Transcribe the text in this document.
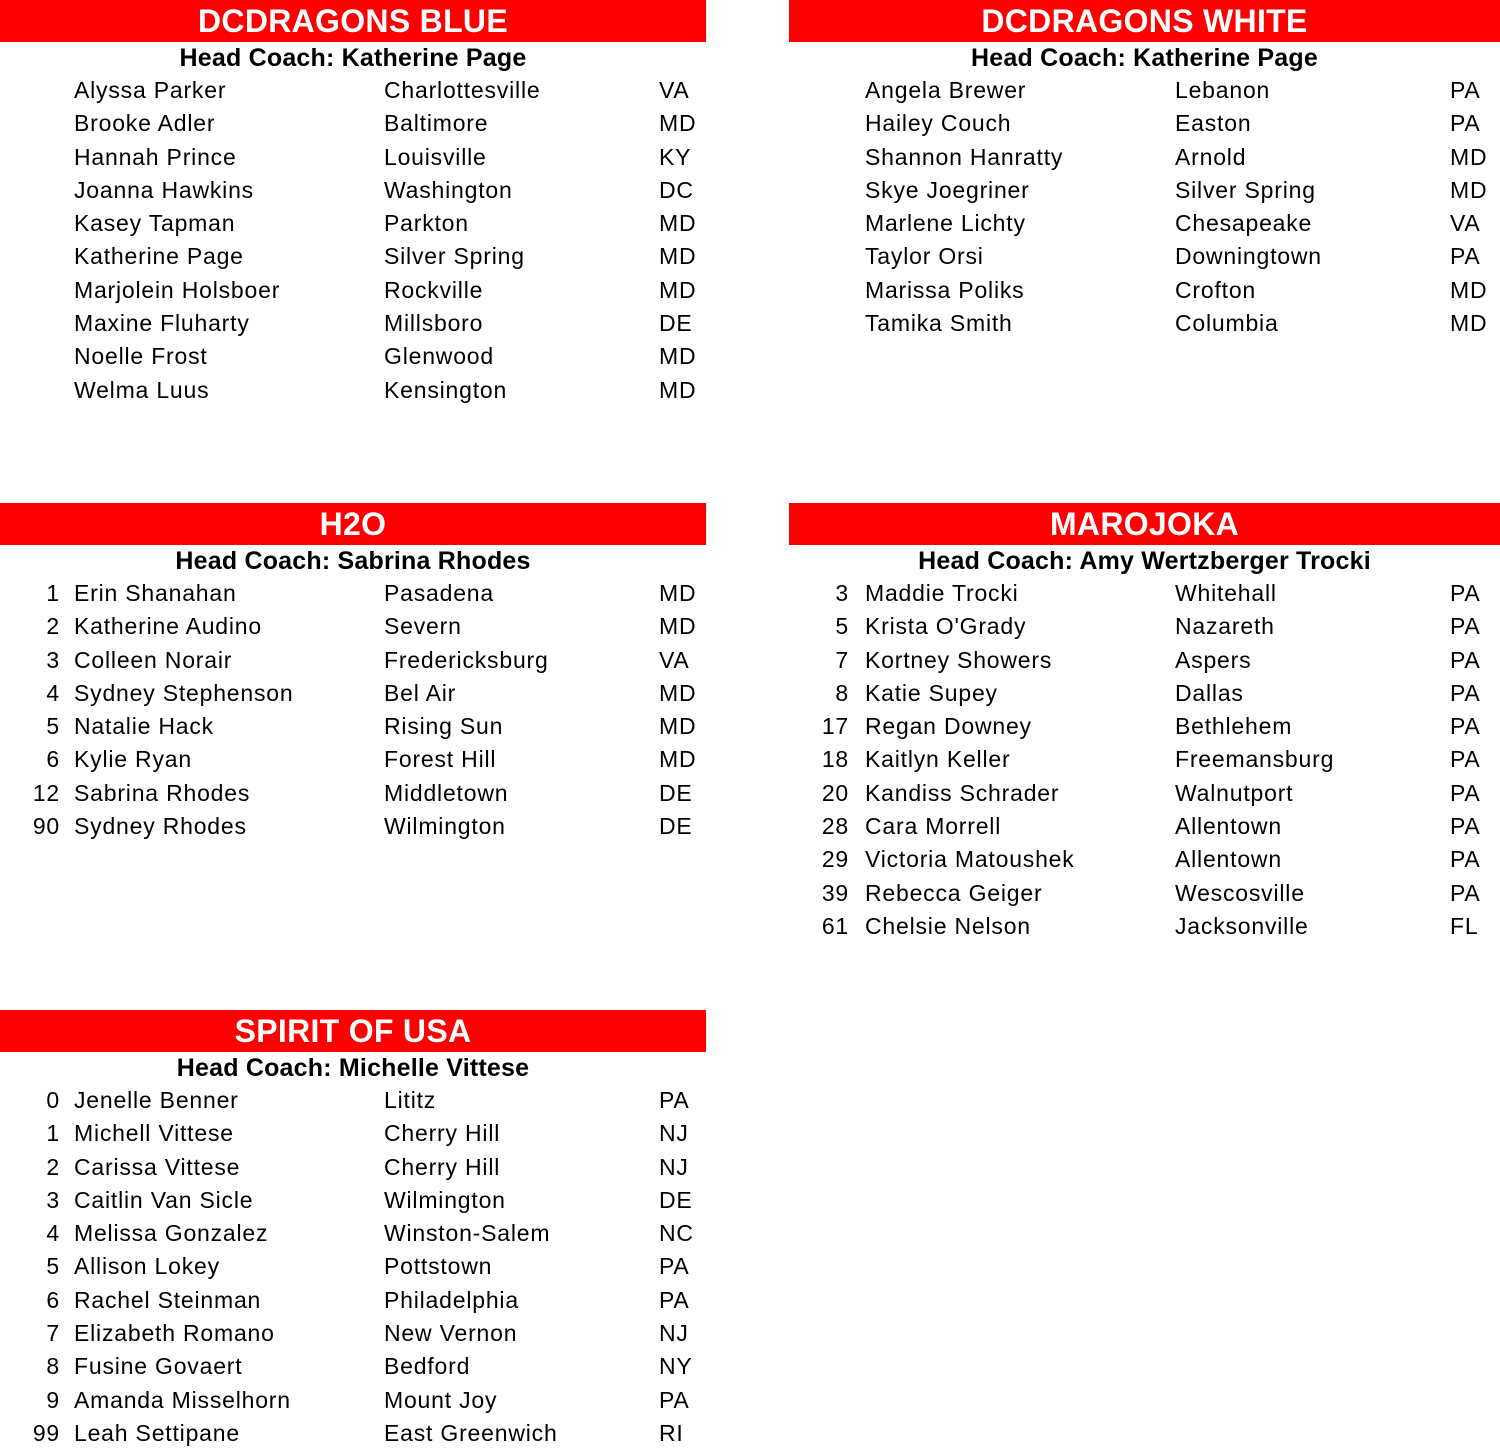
DCDRAGONS BLUE
Head Coach: Katherine Page
Alyssa Parker	Charlottesville	VA
Brooke Adler	Baltimore	MD
Hannah Prince	Louisville	KY
Joanna Hawkins	Washington	DC
Kasey Tapman	Parkton	MD
Katherine Page	Silver Spring	MD
Marjolein Holsboer	Rockville	MD
Maxine Fluharty	Millsboro	DE
Noelle Frost	Glenwood	MD
Welma Luus	Kensington	MD
DCDRAGONS WHITE
Head Coach: Katherine Page
Angela Brewer	Lebanon	PA
Hailey Couch	Easton	PA
Shannon Hanratty	Arnold	MD
Skye Joegriner	Silver Spring	MD
Marlene Lichty	Chesapeake	VA
Taylor Orsi	Downingtown	PA
Marissa Poliks	Crofton	MD
Tamika Smith	Columbia	MD
H2O
Head Coach: Sabrina Rhodes
1 Erin Shanahan	Pasadena	MD
2 Katherine Audino	Severn	MD
3 Colleen Norair	Fredericksburg	VA
4 Sydney Stephenson	Bel Air	MD
5 Natalie Hack	Rising Sun	MD
6 Kylie Ryan	Forest Hill	MD
12 Sabrina Rhodes	Middletown	DE
90 Sydney Rhodes	Wilmington	DE
MAROJOKA
Head Coach: Amy Wertzberger Trocki
3 Maddie Trocki	Whitehall	PA
5 Krista O'Grady	Nazareth	PA
7 Kortney Showers	Aspers	PA
8 Katie Supey	Dallas	PA
17 Regan Downey	Bethlehem	PA
18 Kaitlyn Keller	Freemansburg	PA
20 Kandiss Schrader	Walnutport	PA
28 Cara Morrell	Allentown	PA
29 Victoria Matoushek	Allentown	PA
39 Rebecca Geiger	Wescosville	PA
61 Chelsie Nelson	Jacksonville	FL
SPIRIT OF USA
Head Coach: Michelle Vittese
0 Jenelle Benner	Lititz	PA
1 Michell Vittese	Cherry Hill	NJ
2 Carissa Vittese	Cherry Hill	NJ
3 Caitlin Van Sicle	Wilmington	DE
4 Melissa Gonzalez	Winston-Salem	NC
5 Allison Lokey	Pottstown	PA
6 Rachel Steinman	Philadelphia	PA
7 Elizabeth Romano	New Vernon	NJ
8 Fusine Govaert	Bedford	NY
9 Amanda Misselhorn	Mount Joy	PA
99 Leah Settipane	East Greenwich	RI
